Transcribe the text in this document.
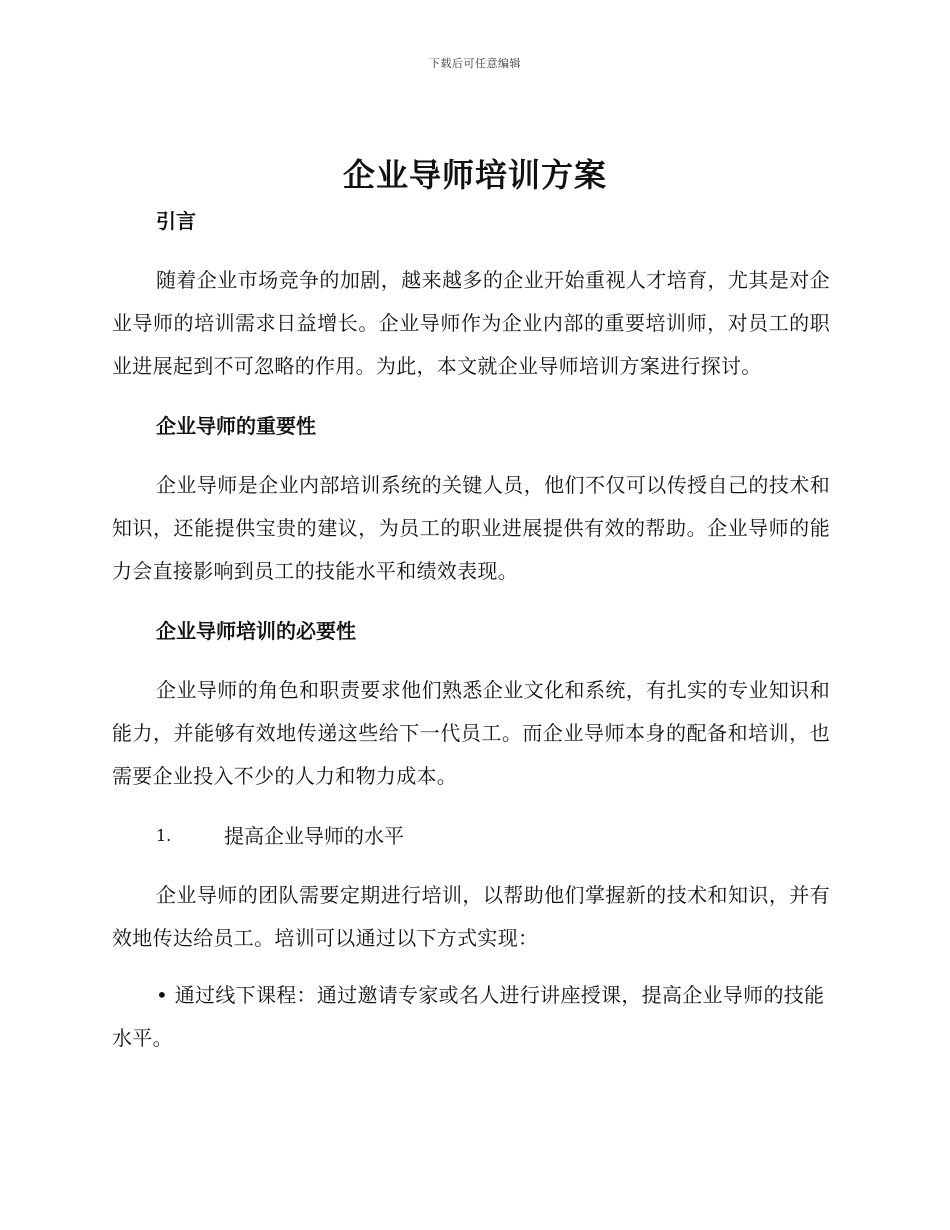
下载后可任意编辑
企业导师培训方案
引言

随着企业市场竞争的加剧，越来越多的企业开始重视人才培育，尤其是对企业导师的培训需求日益增长。企业导师作为企业内部的重要培训师，对员工的职业进展起到不可忽略的作用。为此，本文就企业导师培训方案进行探讨。

企业导师的重要性

企业导师是企业内部培训系统的关键人员，他们不仅可以传授自己的技术和知识，还能提供宝贵的建议，为员工的职业进展提供有效的帮助。企业导师的能力会直接影响到员工的技能水平和绩效表现。

企业导师培训的必要性

企业导师的角色和职责要求他们熟悉企业文化和系统，有扎实的专业知识和能力，并能够有效地传递这些给下一代员工。而企业导师本身的配备和培训，也需要企业投入不少的人力和物力成本。

1.	提高企业导师的水平

企业导师的团队需要定期进行培训，以帮助他们掌握新的技术和知识，并有效地传达给员工。培训可以通过以下方式实现：

• 通过线下课程：通过邀请专家或名人进行讲座授课，提高企业导师的技能水平。
